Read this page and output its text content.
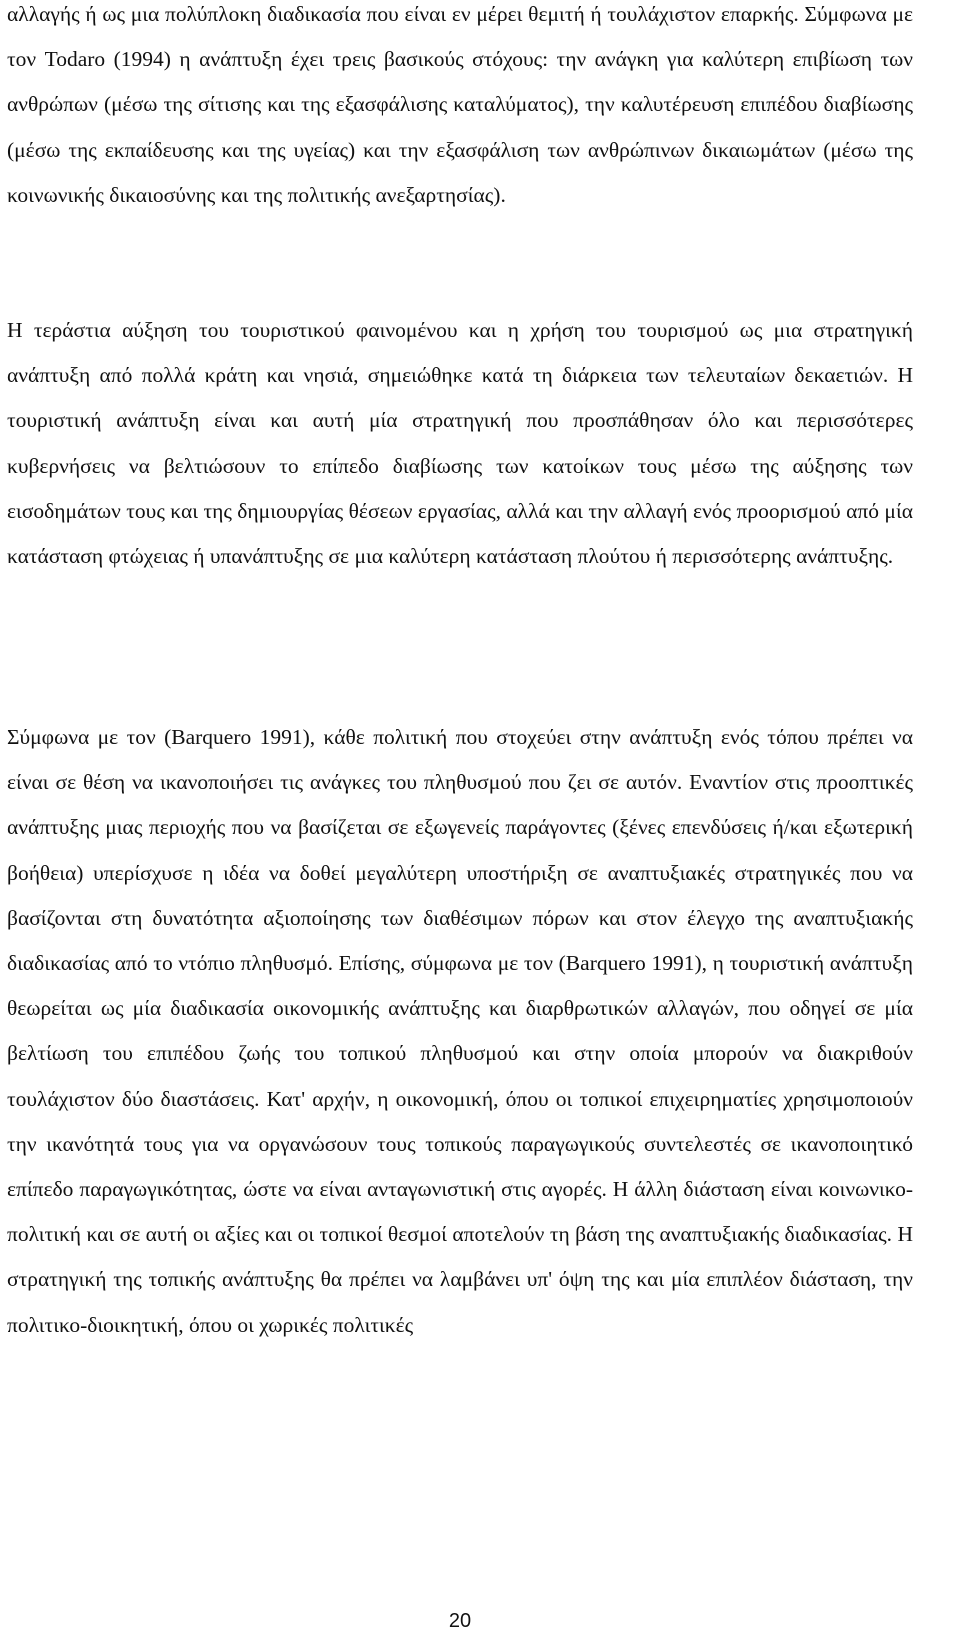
αλλαγής ή ως μια πολύπλοκη διαδικασία που είναι εν μέρει θεμιτή ή τουλάχιστον επαρκής. Σύμφωνα με τον Todaro (1994) η ανάπτυξη έχει τρεις βασικούς στόχους: την ανάγκη για καλύτερη επιβίωση των ανθρώπων (μέσω της σίτισης και της εξασφάλισης καταλύματος), την καλυτέρευση επιπέδου διαβίωσης (μέσω της εκπαίδευσης και της υγείας) και την εξασφάλιση των ανθρώπινων δικαιωμάτων (μέσω της κοινωνικής δικαιοσύνης και της πολιτικής ανεξαρτησίας).

Η τεράστια αύξηση του τουριστικού φαινομένου και η χρήση του τουρισμού ως μια στρατηγική ανάπτυξη από πολλά κράτη και νησιά, σημειώθηκε κατά τη διάρκεια των τελευταίων δεκαετιών. Η τουριστική ανάπτυξη είναι και αυτή μία στρατηγική που προσπάθησαν όλο και περισσότερες κυβερνήσεις να βελτιώσουν το επίπεδο διαβίωσης των κατοίκων τους μέσω της αύξησης των εισοδημάτων τους και της δημιουργίας θέσεων εργασίας, αλλά και την αλλαγή ενός προορισμού από μία κατάσταση φτώχειας ή υπανάπτυξης σε μια καλύτερη κατάσταση πλούτου ή περισσότερης ανάπτυξης.

Σύμφωνα με τον (Barquero 1991), κάθε πολιτική που στοχεύει στην ανάπτυξη ενός τόπου πρέπει να είναι σε θέση να ικανοποιήσει τις ανάγκες του πληθυσμού που ζει σε αυτόν. Εναντίον στις προοπτικές ανάπτυξης μιας περιοχής που να βασίζεται σε εξωγενείς παράγοντες (ξένες επενδύσεις ή/και εξωτερική βοήθεια) υπερίσχυσε η ιδέα να δοθεί μεγαλύτερη υποστήριξη σε αναπτυξιακές στρατηγικές που να βασίζονται στη δυνατότητα αξιοποίησης των διαθέσιμων πόρων και στον έλεγχο της αναπτυξιακής διαδικασίας από το ντόπιο πληθυσμό. Επίσης, σύμφωνα με τον (Barquero 1991), η τουριστική ανάπτυξη θεωρείται ως μία διαδικασία οικονομικής ανάπτυξης και διαρθρωτικών αλλαγών, που οδηγεί σε μία βελτίωση του επιπέδου ζωής του τοπικού πληθυσμού και στην οποία μπορούν να διακριθούν τουλάχιστον δύο διαστάσεις. Κατ' αρχήν, η οικονομική, όπου οι τοπικοί επιχειρηματίες χρησιμοποιούν την ικανότητά τους για να οργανώσουν τους τοπικούς παραγωγικούς συντελεστές σε ικανοποιητικό επίπεδο παραγωγικότητας, ώστε να είναι ανταγωνιστική στις αγορές. Η άλλη διάσταση είναι κοινωνικο-πολιτική και σε αυτή οι αξίες και οι τοπικοί θεσμοί αποτελούν τη βάση της αναπτυξιακής διαδικασίας. Η στρατηγική της τοπικής ανάπτυξης θα πρέπει να λαμβάνει υπ' όψη της και μία επιπλέον διάσταση, την πολιτικο-διοικητική, όπου οι χωρικές πολιτικές

20
